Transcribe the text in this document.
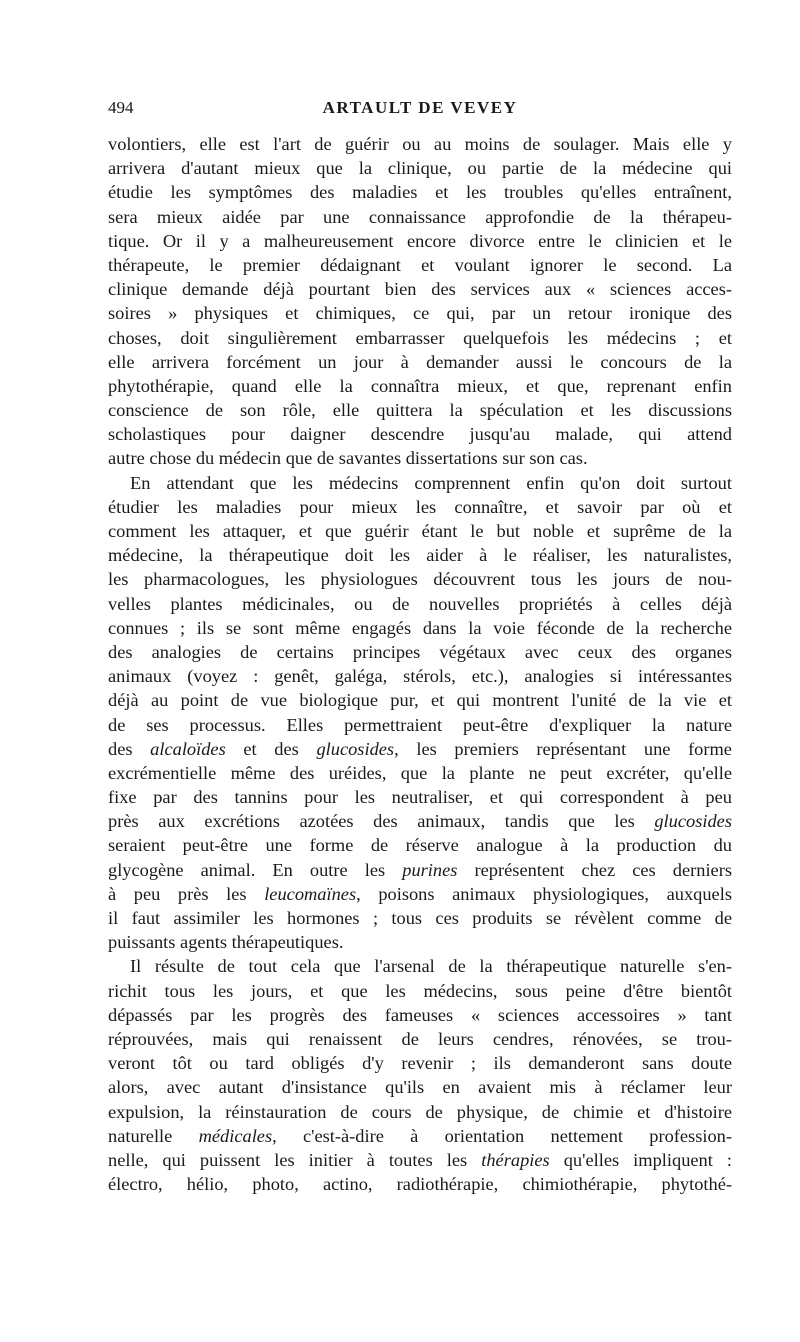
494	ARTAULT DE VEVEY
volontiers, elle est l'art de guérir ou au moins de soulager. Mais elle y
arrivera d'autant mieux que la clinique, ou partie de la médecine qui
étudie les symptômes des maladies et les troubles qu'elles entraînent,
sera mieux aidée par une connaissance approfondie de la thérapeu-
tique. Or il y a malheureusement encore divorce entre le clinicien et le
thérapeute, le premier dédaignant et voulant ignorer le second. La
clinique demande déjà pourtant bien des services aux « sciences acces-
soires » physiques et chimiques, ce qui, par un retour ironique des
choses, doit singulièrement embarrasser quelquefois les médecins ; et
elle arrivera forcément un jour à demander aussi le concours de la
phytothérapie, quand elle la connaîtra mieux, et que, reprenant enfin
conscience de son rôle, elle quittera la spéculation et les discussions
scholastiques pour daigner descendre jusqu'au malade, qui attend
autre chose du médecin que de savantes dissertations sur son cas.
En attendant que les médecins comprennent enfin qu'on doit surtout
étudier les maladies pour mieux les connaître, et savoir par où et
comment les attaquer, et que guérir étant le but noble et suprême de la
médecine, la thérapeutique doit les aider à le réaliser, les naturalistes,
les pharmacologues, les physiologues découvrent tous les jours de nou-
velles plantes médicinales, ou de nouvelles propriétés à celles déjà
connues ; ils se sont même engagés dans la voie féconde de la recherche
des analogies de certains principes végétaux avec ceux des organes
animaux (voyez : genêt, galéga, stérols, etc.), analogies si intéressantes
déjà au point de vue biologique pur, et qui montrent l'unité de la vie et
de ses processus. Elles permettraient peut-être d'expliquer la nature
des alcaloïdes et des glucosides, les premiers représentant une forme
excrémentielle même des uréides, que la plante ne peut excréter, qu'elle
fixe par des tannins pour les neutraliser, et qui correspondent à peu
près aux excrétions azotées des animaux, tandis que les glucosides
seraient peut-être une forme de réserve analogue à la production du
glycogène animal. En outre les purines représentent chez ces derniers
à peu près les leucomaïnes, poisons animaux physiologiques, auxquels
il faut assimiler les hormones ; tous ces produits se révèlent comme de
puissants agents thérapeutiques.
Il résulte de tout cela que l'arsenal de la thérapeutique naturelle s'en-
richit tous les jours, et que les médecins, sous peine d'être bientôt
dépassés par les progrès des fameuses « sciences accessoires » tant
réprouvées, mais qui renaissent de leurs cendres, rénovées, se trou-
veront tôt ou tard obligés d'y revenir ; ils demanderont sans doute
alors, avec autant d'insistance qu'ils en avaient mis à réclamer leur
expulsion, la réinstauration de cours de physique, de chimie et d'histoire
naturelle médicales, c'est-à-dire à orientation nettement profession-
nelle, qui puissent les initier à toutes les thérapies qu'elles impliquent :
électro, hélio, photo, actino, radiothérapie, chimiothérapie, phytothé-
